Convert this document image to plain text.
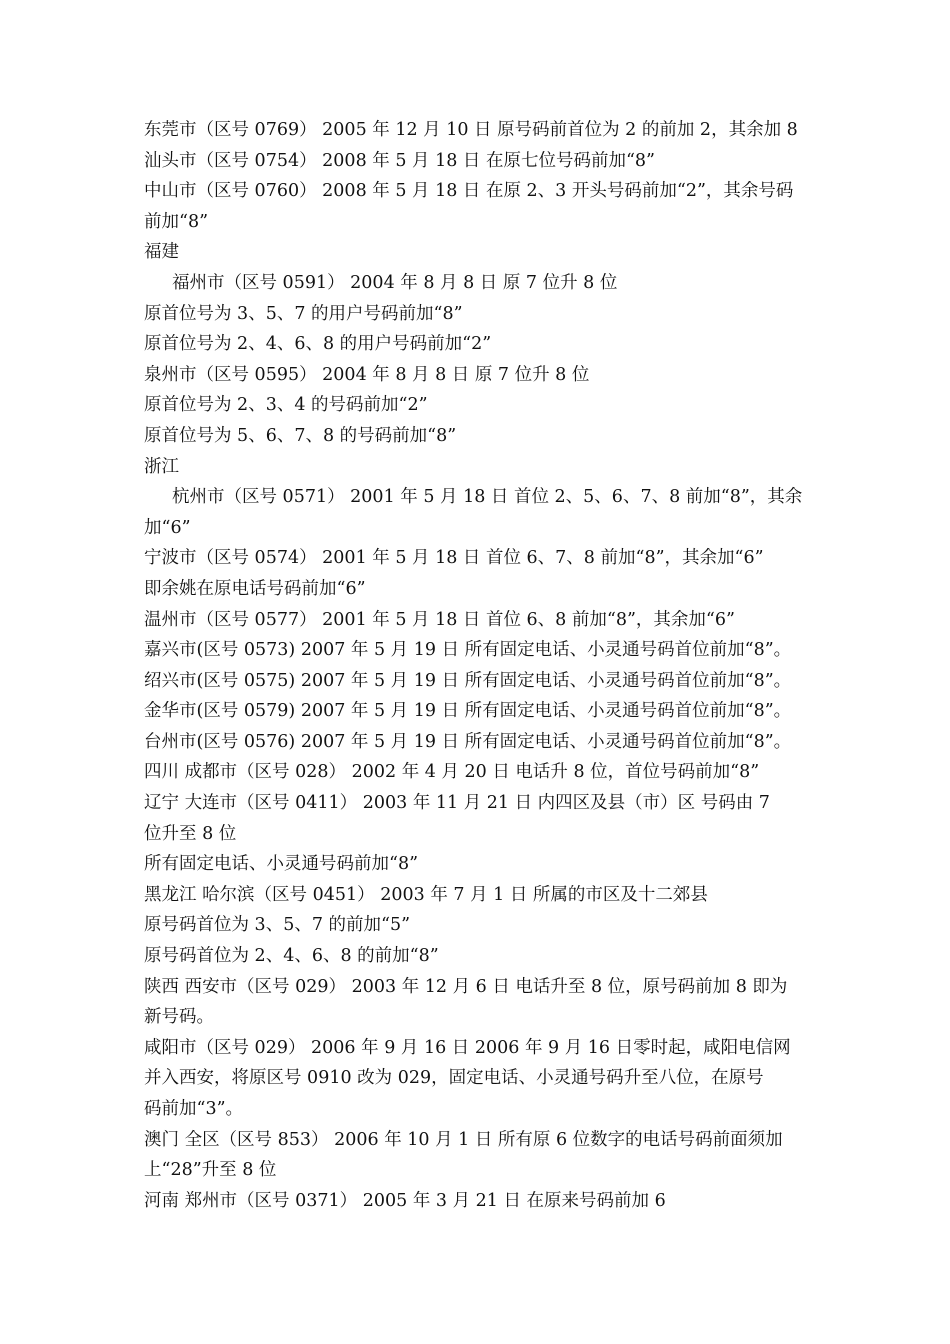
东莞市（区号 0769） 2005 年 12 月 10 日 原号码前首位为 2 的前加 2，其余加 8
汕头市（区号 0754） 2008 年 5 月 18 日 在原七位号码前加“8”
中山市（区号 0760） 2008 年 5 月 18 日 在原 2、3 开头号码前加“2”，其余号码
前加“8”
福建
福州市（区号 0591） 2004 年 8 月 8 日 原 7 位升 8 位
原首位号为 3、5、7 的用户号码前加“8”
原首位号为 2、4、6、8 的用户号码前加“2”
泉州市（区号 0595） 2004 年 8 月 8 日 原 7 位升 8 位
原首位号为 2、3、4 的号码前加“2”
原首位号为 5、6、7、8 的号码前加“8”
浙江
杭州市（区号 0571） 2001 年 5 月 18 日 首位 2、5、6、7、8 前加“8”，其余
加“6”
宁波市（区号 0574） 2001 年 5 月 18 日 首位 6、7、8 前加“8”，其余加“6”
即余姚在原电话号码前加“6”
温州市（区号 0577） 2001 年 5 月 18 日 首位 6、8 前加“8”，其余加“6”
嘉兴市(区号 0573) 2007 年 5 月 19 日 所有固定电话、小灵通号码首位前加“8”。
绍兴市(区号 0575) 2007 年 5 月 19 日 所有固定电话、小灵通号码首位前加“8”。
金华市(区号 0579) 2007 年 5 月 19 日 所有固定电话、小灵通号码首位前加“8”。
台州市(区号 0576) 2007 年 5 月 19 日 所有固定电话、小灵通号码首位前加“8”。
四川 成都市（区号 028） 2002 年 4 月 20 日 电话升 8 位，首位号码前加“8”
辽宁 大连市（区号 0411） 2003 年 11 月 21 日 内四区及县（市）区 号码由 7
位升至 8 位
所有固定电话、小灵通号码前加“8”
黑龙江 哈尔滨（区号 0451） 2003 年 7 月 1 日 所属的市区及十二郊县
原号码首位为 3、5、7 的前加“5”
原号码首位为 2、4、6、8 的前加“8”
陕西 西安市（区号 029） 2003 年 12 月 6 日 电话升至 8 位，原号码前加 8 即为
新号码。
咸阳市（区号 029） 2006 年 9 月 16 日 2006 年 9 月 16 日零时起，咸阳电信网
并入西安，将原区号 0910 改为 029，固定电话、小灵通号码升至八位，在原号
码前加“3”。
澳门 全区（区号 853） 2006 年 10 月 1 日 所有原 6 位数字的电话号码前面须加
上“28”升至 8 位
河南 郑州市（区号 0371） 2005 年 3 月 21 日 在原来号码前加 6
